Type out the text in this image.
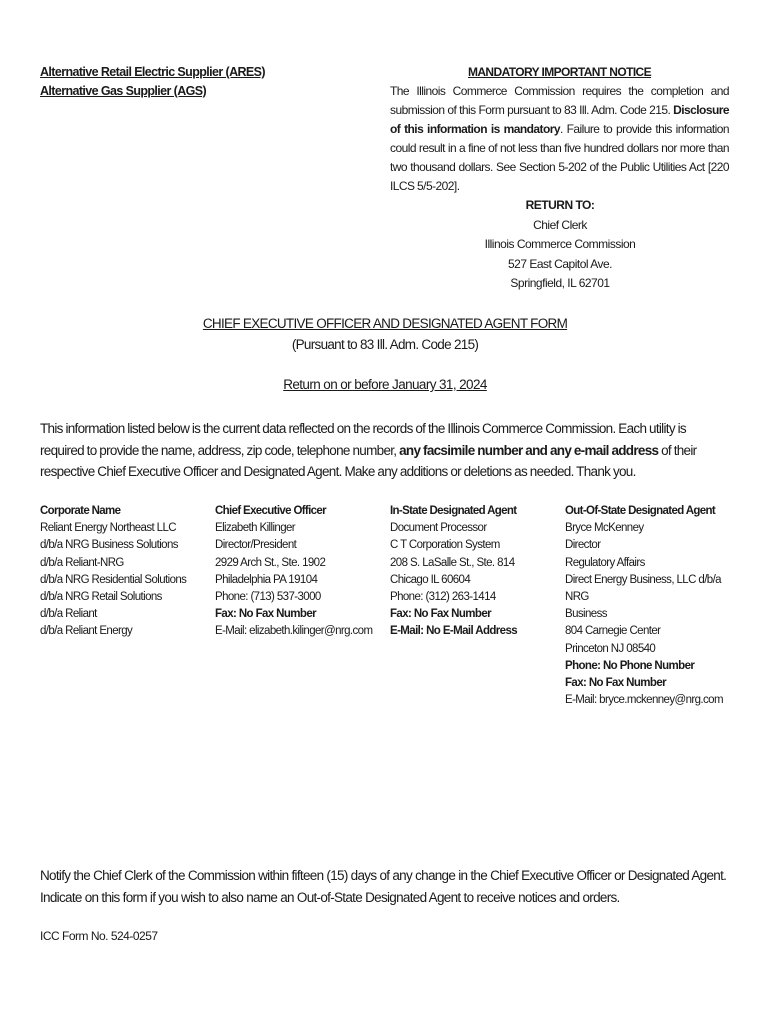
Alternative Retail Electric Supplier (ARES)
Alternative Gas Supplier (AGS)
MANDATORY IMPORTANT NOTICE
The Illinois Commerce Commission requires the completion and submission of this Form pursuant to 83 Ill. Adm. Code 215. Disclosure of this information is mandatory. Failure to provide this information could result in a fine of not less than five hundred dollars nor more than two thousand dollars. See Section 5-202 of the Public Utilities Act [220 ILCS 5/5-202].
RETURN TO:
Chief Clerk
Illinois Commerce Commission
527 East Capitol Ave.
Springfield, IL 62701
CHIEF EXECUTIVE OFFICER AND DESIGNATED AGENT FORM
(Pursuant to 83 Ill. Adm. Code 215)
Return on or before January 31, 2024
This information listed below is the current data reflected on the records of the Illinois Commerce Commission. Each utility is required to provide the name, address, zip code, telephone number, any facsimile number and any e-mail address of their respective Chief Executive Officer and Designated Agent. Make any additions or deletions as needed. Thank you.
Corporate Name
Reliant Energy Northeast LLC
d/b/a NRG Business Solutions
d/b/a Reliant-NRG
d/b/a NRG Residential Solutions
d/b/a NRG Retail Solutions
d/b/a Reliant
d/b/a Reliant Energy
Chief Executive Officer
Elizabeth Killinger
Director/President
2929 Arch St., Ste. 1902
Philadelphia PA 19104
Phone: (713) 537-3000
Fax: No Fax Number
E-Mail: elizabeth.kilinger@nrg.com
In-State Designated Agent
Document Processor
C T Corporation System
208 S. LaSalle St., Ste. 814
Chicago IL 60604
Phone: (312) 263-1414
Fax: No Fax Number
E-Mail: No E-Mail Address
Out-Of-State Designated Agent
Bryce McKenney
Director
Regulatory Affairs
Direct Energy Business, LLC d/b/a NRG
Business
804 Carnegie Center
Princeton NJ 08540
Phone: No Phone Number
Fax: No Fax Number
E-Mail: bryce.mckenney@nrg.com
Notify the Chief Clerk of the Commission within fifteen (15) days of any change in the Chief Executive Officer or Designated Agent.
Indicate on this form if you wish to also name an Out-of-State Designated Agent to receive notices and orders.
ICC Form No. 524-0257
